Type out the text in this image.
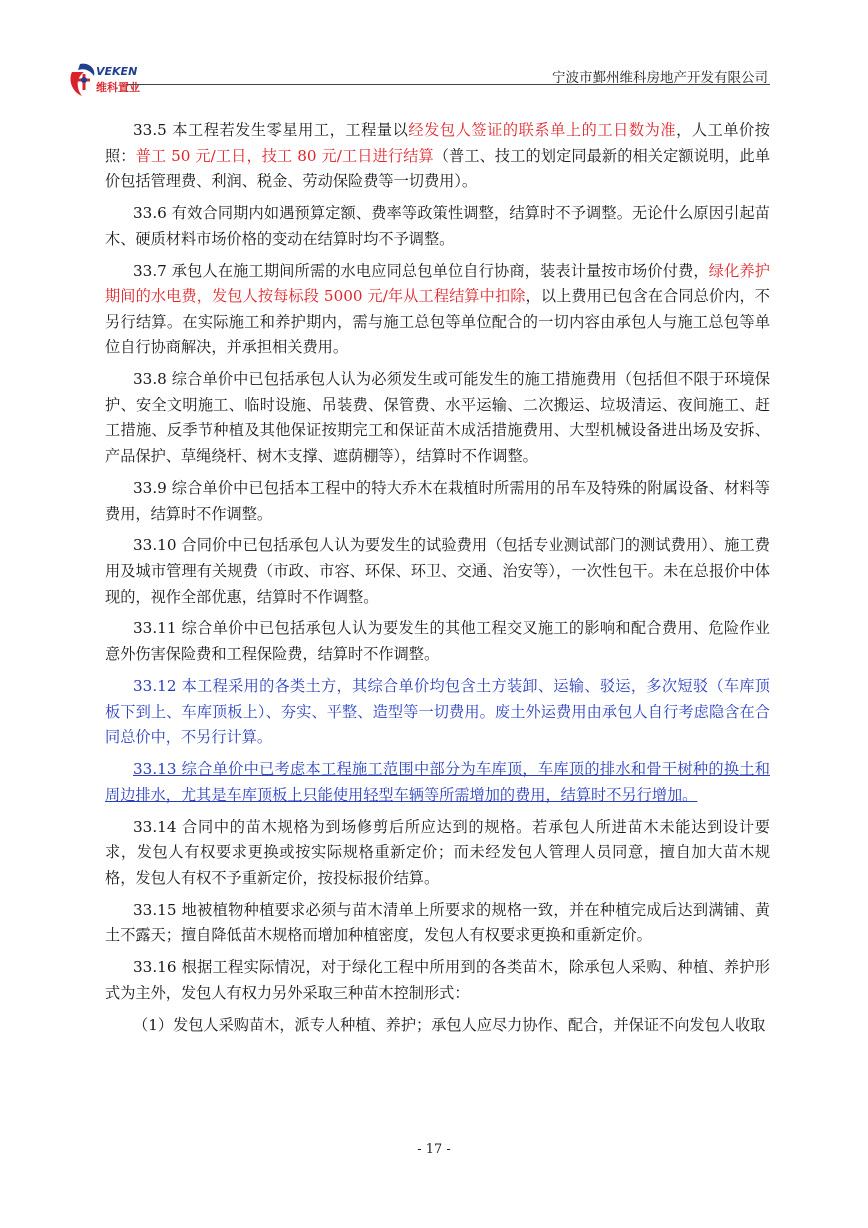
VEKEN
维科置业
宁波市鄞州维科房地产开发有限公司

33.5 本工程若发生零星用工，工程量以经发包人签证的联系单上的工日数为准，人工单价按照：普工 50 元/工日，技工 80 元/工日进行结算（普工、技工的划定同最新的相关定额说明，此单价包括管理费、利润、税金、劳动保险费等一切费用）。

33.6 有效合同期内如遇预算定额、费率等政策性调整，结算时不予调整。无论什么原因引起苗木、硬质材料市场价格的变动在结算时均不予调整。

33.7 承包人在施工期间所需的水电应同总包单位自行协商，装表计量按市场价付费，绿化养护期间的水电费，发包人按每标段 5000 元/年从工程结算中扣除，以上费用已包含在合同总价内，不另行结算。在实际施工和养护期内，需与施工总包等单位配合的一切内容由承包人与施工总包等单位自行协商解决，并承担相关费用。

33.8 综合单价中已包括承包人认为必须发生或可能发生的施工措施费用（包括但不限于环境保护、安全文明施工、临时设施、吊装费、保管费、水平运输、二次搬运、垃圾清运、夜间施工、赶工措施、反季节种植及其他保证按期完工和保证苗木成活措施费用、大型机械设备进出场及安拆、产品保护、草绳绕杆、树木支撑、遮荫棚等），结算时不作调整。

33.9 综合单价中已包括本工程中的特大乔木在栽植时所需用的吊车及特殊的附属设备、材料等费用，结算时不作调整。

33.10 合同价中已包括承包人认为要发生的试验费用（包括专业测试部门的测试费用）、施工费用及城市管理有关规费（市政、市容、环保、环卫、交通、治安等），一次性包干。未在总报价中体现的，视作全部优惠，结算时不作调整。

33.11 综合单价中已包括承包人认为要发生的其他工程交叉施工的影响和配合费用、危险作业意外伤害保险费和工程保险费，结算时不作调整。

33.12 本工程采用的各类土方，其综合单价均包含土方装卸、运输、驳运，多次短驳（车库顶板下到上、车库顶板上）、夯实、平整、造型等一切费用。废土外运费用由承包人自行考虑隐含在合同总价中，不另行计算。

33.13 综合单价中已考虑本工程施工范围中部分为车库顶，车库顶的排水和骨干树种的换土和周边排水，尤其是车库顶板上只能使用轻型车辆等所需增加的费用，结算时不另行增加。

33.14 合同中的苗木规格为到场修剪后所应达到的规格。若承包人所进苗木未能达到设计要求，发包人有权要求更换或按实际规格重新定价；而未经发包人管理人员同意，擅自加大苗木规格，发包人有权不予重新定价，按投标报价结算。

33.15 地被植物种植要求必须与苗木清单上所要求的规格一致，并在种植完成后达到满铺、黄土不露天；擅自降低苗木规格而增加种植密度，发包人有权要求更换和重新定价。

33.16 根据工程实际情况，对于绿化工程中所用到的各类苗木，除承包人采购、种植、养护形式为主外，发包人有权力另外采取三种苗木控制形式：

（1）发包人采购苗木，派专人种植、养护；承包人应尽力协作、配合，并保证不向发包人收取

- 17 -
